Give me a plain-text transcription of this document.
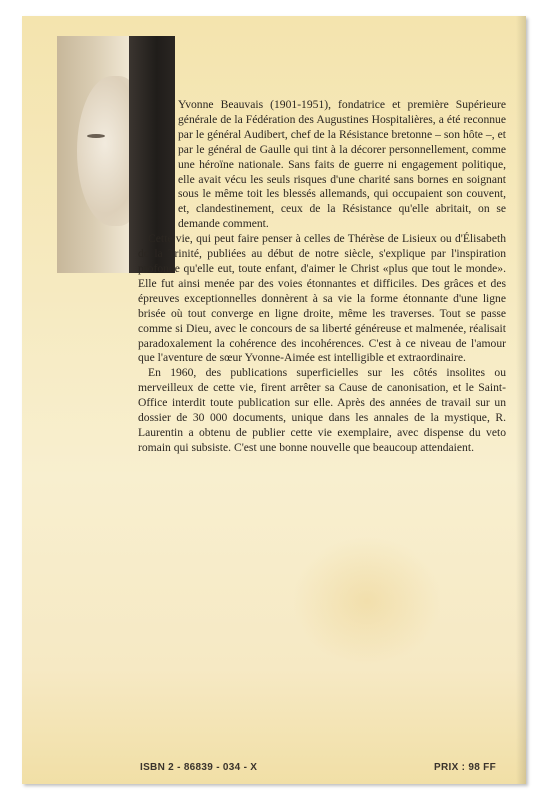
Yvonne Beauvais (1901-1951), fondatrice et première Supérieure générale de la Fédération des Augustines Hospitalières, a été reconnue par le général Audibert, chef de la Résistance bretonne – son hôte –, et par le général de Gaulle qui tint à la décorer personnellement, comme une héroïne nationale. Sans faits de guerre ni engagement politique, elle avait vécu les seuls risques d'une charité sans bornes en soignant sous le même toit les blessés allemands, qui occupaient son couvent, et, clandestinement, ceux de la Résistance qu'elle abritait, on se demande comment.

Cette vie, qui peut faire penser à celles de Thérèse de Lisieux ou d'Élisabeth de la Trinité, publiées au début de notre siècle, s'explique par l'inspiration profonde qu'elle eut, toute enfant, d'aimer le Christ «plus que tout le monde». Elle fut ainsi menée par des voies étonnantes et difficiles. Des grâces et des épreuves exceptionnelles donnèrent à sa vie la forme étonnante d'une ligne brisée où tout converge en ligne droite, même les traverses. Tout se passe comme si Dieu, avec le concours de sa liberté généreuse et malmenée, réalisait paradoxalement la cohérence des incohérences. C'est à ce niveau de l'amour que l'aventure de sœur Yvonne-Aimée est intelligible et extraordinaire.

En 1960, des publications superficielles sur les côtés insolites ou merveilleux de cette vie, firent arrêter sa Cause de canonisation, et le Saint-Office interdit toute publication sur elle. Après des années de travail sur un dossier de 30 000 documents, unique dans les annales de la mystique, R. Laurentin a obtenu de publier cette vie exemplaire, avec dispense du veto romain qui subsiste. C'est une bonne nouvelle que beaucoup attendaient.

ISBN 2 - 86839 - 034 - X	PRIX : 98 FF
